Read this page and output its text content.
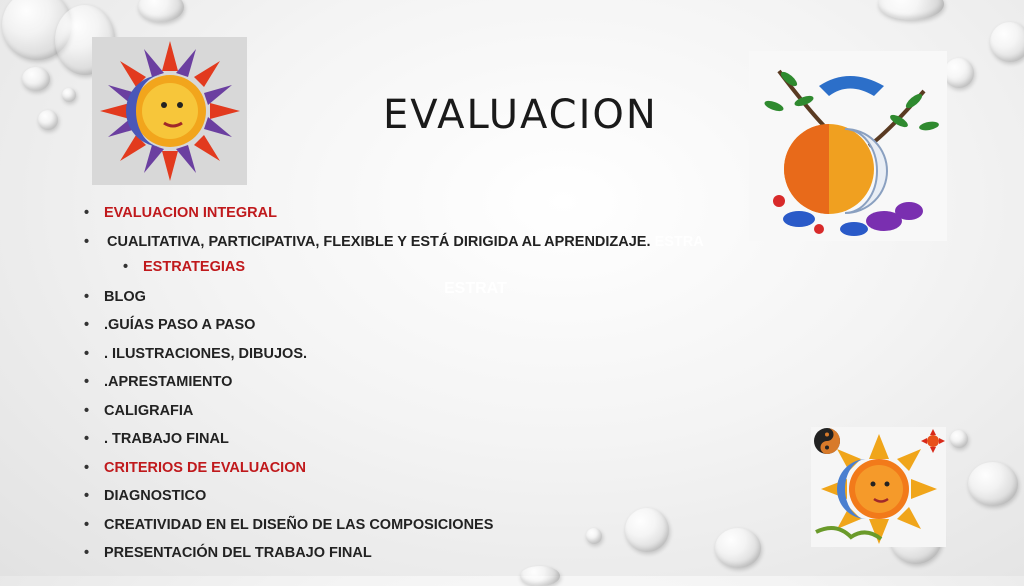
EVALUACION
• EVALUACION INTEGRAL
• CUALITATIVA, PARTICIPATIVA, FLEXIBLE Y ESTÁ DIRIGIDA AL APRENDIZAJE. ESTRA
• ESTRATEGIAS
• BLOG
• .GUÍAS PASO A PASO
• . ILUSTRACIONES, DIBUJOS.
• .APRESTAMIENTO
• CALIGRAFIA
• . TRABAJO FINAL
• CRITERIOS DE EVALUACION
• DIAGNOSTICO
• CREATIVIDAD EN EL DISEÑO DE LAS COMPOSICIONES
• PRESENTACIÓN DEL TRABAJO FINAL
ESTRAT
